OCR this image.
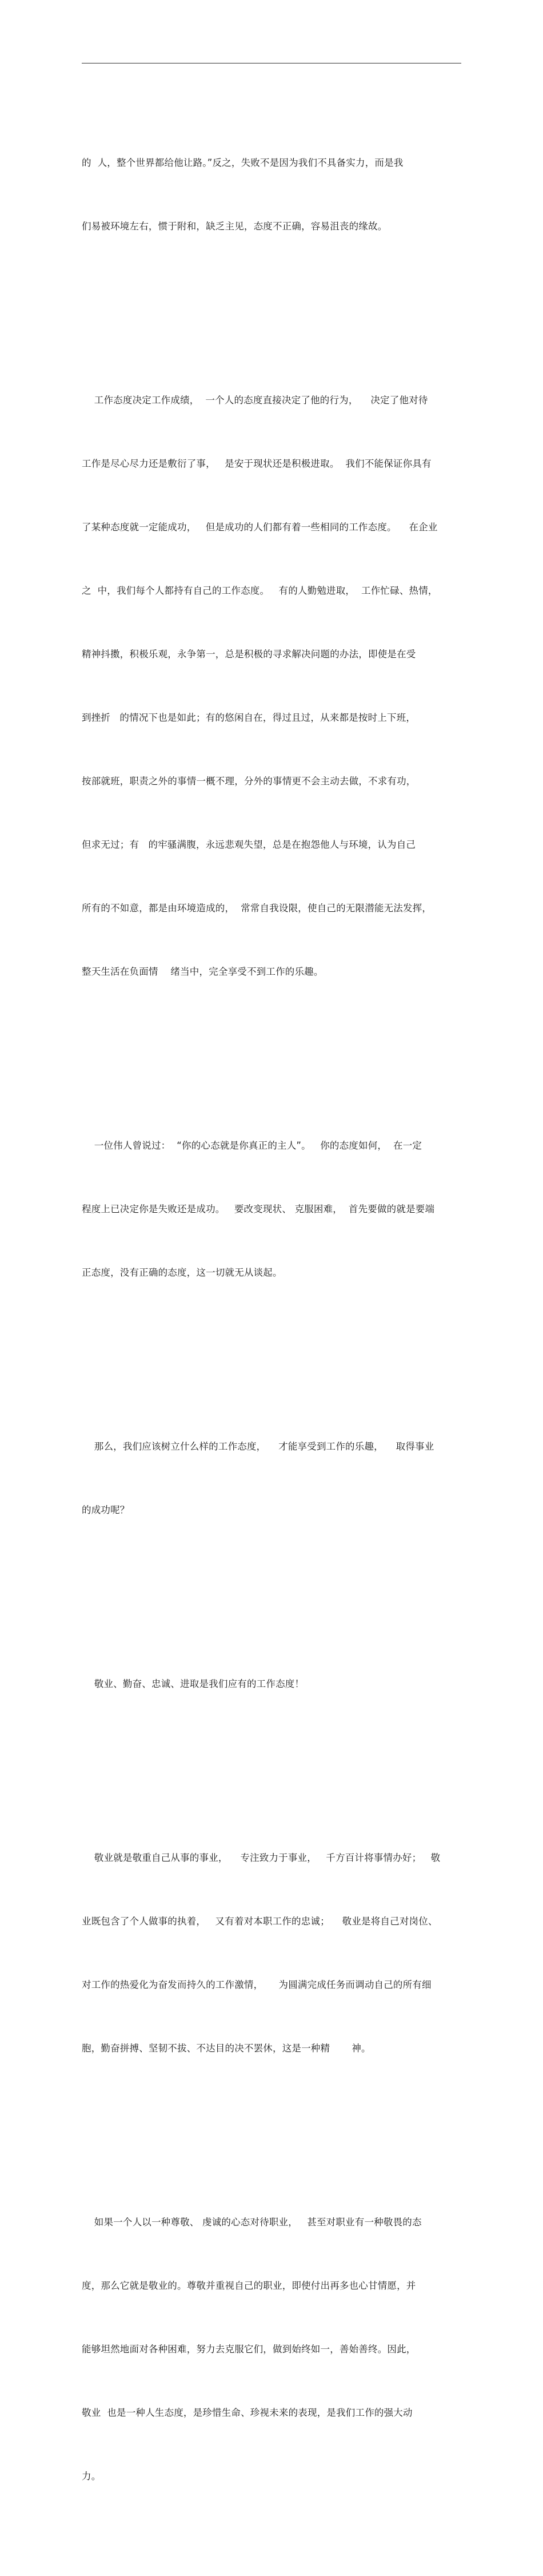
的  人，整个世界都给他让路。”反之，失败不是因为我们不具备实力，而是我

们易被环境左右，惯于附和，缺乏主见，态度不正确，容易沮丧的缘故。

工作态度决定工作成绩，  一个人的态度直接决定了他的行为，    决定了他对待

工作是尽心尽力还是敷衍了事，   是安于现状还是积极进取。  我们不能保证你具有

了某种态度就一定能成功，   但是成功的人们都有着一些相同的工作态度。    在企业

之  中，我们每个人都持有自己的工作态度。   有的人勤勉进取，  工作忙碌、热情，

精神抖擞，积极乐观，永争第一，总是积极的寻求解决问题的办法，即使是在受

到挫折   的情况下也是如此；有的悠闲自在，得过且过，从来都是按时上下班，

按部就班，职责之外的事情一概不理，分外的事情更不会主动去做，不求有功，

但求无过；有   的牢骚满腹，永远悲观失望，总是在抱怨他人与环境，认为自己

所有的不如意，都是由环境造成的，  常常自我设限，使自己的无限潜能无法发挥，

整天生活在负面情    绪当中，完全享受不到工作的乐趣。

一位伟人曾说过：  “你的心态就是你真正的主人”。   你的态度如何，  在一定

程度上已决定你是失败还是成功。   要改变现状、 克服困难，  首先要做的就是要端

正态度，没有正确的态度，这一切就无从谈起。

那么，我们应该树立什么样的工作态度，    才能享受到工作的乐趣，    取得事业

的成功呢？

敬业、勤奋、忠诚、进取是我们应有的工作态度！

敬业就是敬重自己从事的事业，    专注致力于事业，   千方百计将事情办好；   敬

业既包含了个人做事的执着，   又有着对本职工作的忠诚；    敬业是将自己对岗位、

对工作的热爱化为奋发而持久的工作激情，     为圆满完成任务而调动自己的所有细

胞，勤奋拼搏、坚韧不拔、不达目的决不罢休，这是一种精       神。

如果一个人以一种尊敬、 虔诚的心态对待职业，   甚至对职业有一种敬畏的态

度，那么它就是敬业的。尊敬并重视自己的职业，即使付出再多也心甘情愿，并

能够坦然地面对各种困难，努力去克服它们，做到始终如一，善始善终。因此，

敬业  也是一种人生态度，是珍惜生命、珍视未来的表现，是我们工作的强大动

力。
